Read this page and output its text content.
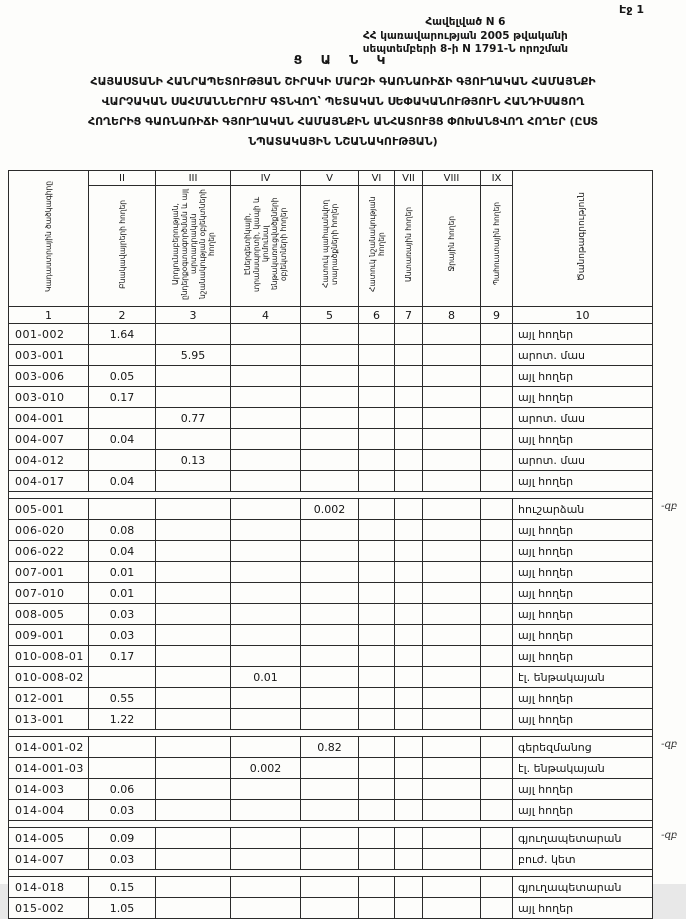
Էջ 1
Հավելված N 6
ՀՀ կառավարության 2005 թվականի
սեպտեմբերի 8-ի N 1791-Ն որոշման
Ց Ա Ն Կ
ՀԱՅԱՍՏԱՆԻ ՀԱՆՐԱՊԵՏՈՒԹՅԱՆ ՇԻՐԱԿԻ ՄԱՐԶԻ ԳԱՌՆԱՌԻՃԻ ԳՅՈՒՂԱԿԱՆ ՀԱՄԱՅՆՔԻ
ՎԱՐՉԱԿԱՆ ՍԱՀՄԱՆՆԵՐՈՒՄ ԳՏՆՎՈՂ՝ ՊԵՏԱԿԱՆ ՍԵՓԱԿԱՆՈՒԹՅՈՒՆ ՀԱՆԴԻՍԱՑՈՂ
ՀՈՂԵՐԻՑ ԳԱՌՆԱՌԻՃԻ ԳՅՈՒՂԱԿԱՆ ՀԱՄԱՅՆՔԻՆ ԱՆՀԱՏՈՒՅՑ ՓՈԽԱՆՑՎՈՂ ՀՈՂԵՐ (ԸՍՏ
ՆՊԱՏԱԿԱՅԻՆ ՆՇԱՆԱԿՈՒԹՅԱՆ)
Կադաստրային ծածկագիրը	II	III	IV	V	VI	VII	VIII	IX	Ծանոթագրություն
	Բնակավայրերի հողեր	Արդյունաբերության, ընդերքօգտագործման և այլ արտադրական նշանակության օբյեկտների հողեր	Էներգետիկայի, տրանսպորտի, կապի և կոմունալ ենթակառուցվածքների օբյեկտների հողեր	Հատուկ պահպանվող տարածքների հողեր	Հատուկ նշանակության հողեր	Անտառային հողեր	Ջրային հողեր	Պահուստային հողեր	
1	2	3	4	5	6	7	8	9	10
001-002	1.64								այլ հողեր
003-001		5.95							արոտ. մաս
003-006	0.05								այլ հողեր
003-010	0.17								այլ հողեր
004-001		0.77							արոտ. մաս
004-007	0.04								այլ հողեր
004-012		0.13							արոտ. մաս
004-017	0.04								այլ հողեր

005-001				0.002					հուշարձան -զբ

006-020	0.08								այլ հողեր
006-022	0.04								այլ հողեր
007-001	0.01								այլ հողեր
007-010	0.01								այլ հողեր
008-005	0.03								այլ հողեր
009-001	0.03								այլ հողեր
010-008-01	0.17								այլ հողեր
010-008-02			0.01						էլ. ենթակայան
012-001	0.55								այլ հողեր
013-001	1.22								այլ հողեր

014-001-02				0.82					գերեզմանոց -զբ

014-001-03			0.002						էլ. ենթակայան
014-003	0.06								այլ հողեր
014-004	0.03								այլ հողեր

014-005	0.09								գյուղապետարան -զբ

014-007	0.03								բուժ. կետ

014-018	0.15								գյուղապետարան
015-002	1.05								այլ հողեր
